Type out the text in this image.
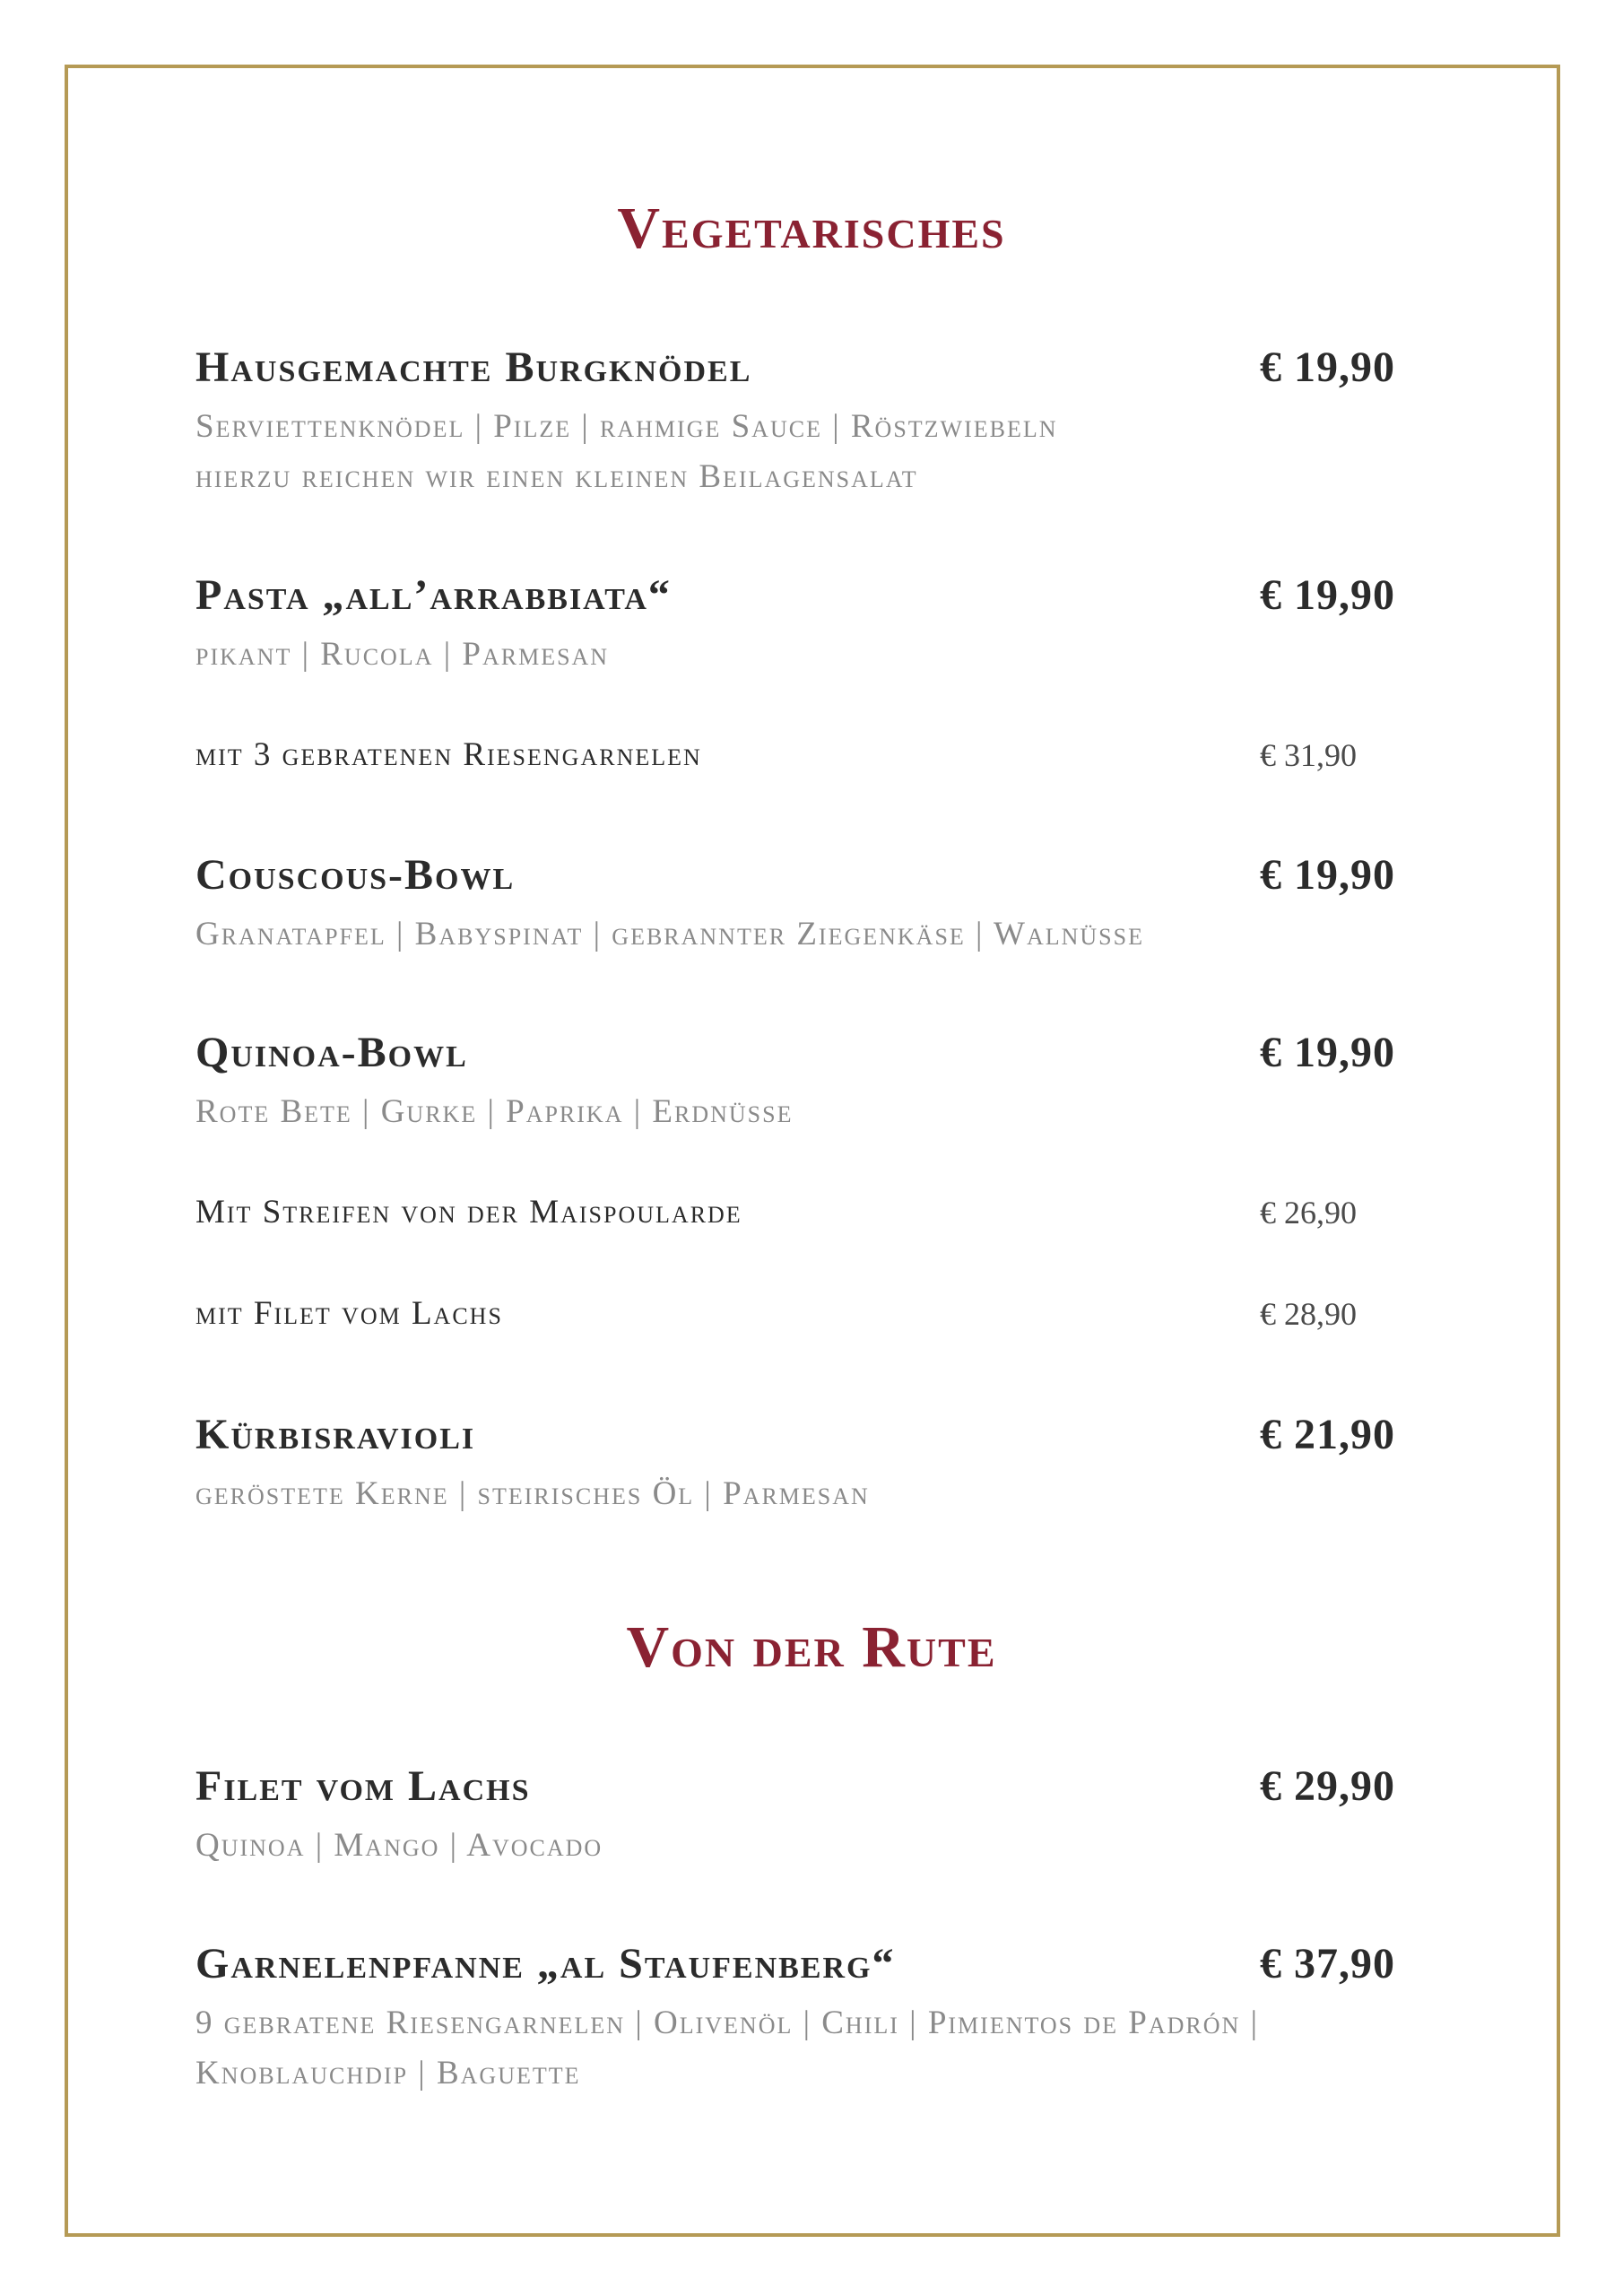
Vegetarisches
Hausgemachte Burgknödel	€ 19,90
Serviettenknödel | Pilze | rahmige Sauce | Röstzwiebeln
hierzu reichen wir einen kleinen Beilagensalat
Pasta „all’arrabbiata“	€ 19,90
pikant | Rucola | Parmesan
mit 3 gebratenen Riesengarnelen	€ 31,90
Couscous-Bowl	€ 19,90
Granatapfel | Babyspinat | gebrannter Ziegenkäse | Walnüsse
Quinoa-Bowl	€ 19,90
Rote Bete | Gurke | Paprika | Erdnüsse
Mit Streifen von der Maispoularde	€ 26,90
mit Filet vom Lachs	€ 28,90
Kürbisravioli	€ 21,90
geröstete Kerne | steirisches Öl | Parmesan
Von der Rute
Filet vom Lachs	€ 29,90
Quinoa | Mango | Avocado
Garnelenpfanne „al Staufenberg“	€ 37,90
9 gebratene Riesengarnelen | Olivenöl | Chili | Pimientos de Padrón |
Knoblauchdip | Baguette
